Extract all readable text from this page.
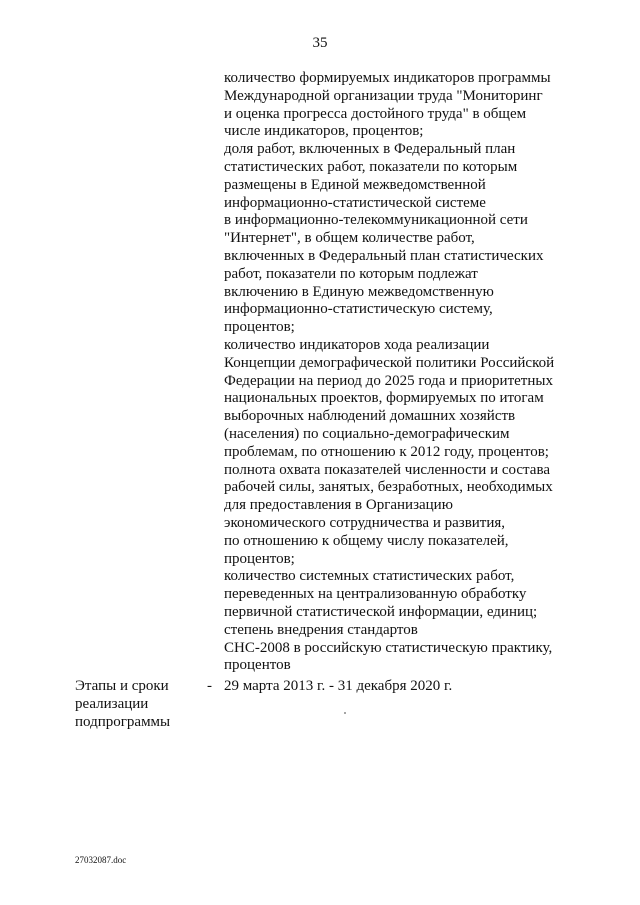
35
количество формируемых индикаторов программы
Международной организации труда "Мониторинг
и оценка прогресса достойного труда" в общем
числе индикаторов, процентов;
доля работ, включенных в Федеральный план
статистических работ, показатели по которым
размещены в Единой межведомственной
информационно-статистической системе
в информационно-телекоммуникационной сети
"Интернет", в общем количестве работ,
включенных в Федеральный план статистических
работ, показатели по которым подлежат
включению в Единую межведомственную
информационно-статистическую систему,
процентов;
количество индикаторов хода реализации
Концепции демографической политики Российской
Федерации на период до 2025 года и приоритетных
национальных проектов, формируемых по итогам
выборочных наблюдений домашних хозяйств
(населения) по социально-демографическим
проблемам, по отношению к 2012 году, процентов;
полнота охвата показателей численности и состава
рабочей силы, занятых, безработных, необходимых
для предоставления в Организацию
экономического сотрудничества и развития,
по отношению к общему числу показателей,
процентов;
количество системных статистических работ,
переведенных на централизованную обработку
первичной статистической информации, единиц;
степень внедрения стандартов
СНС-2008 в российскую статистическую практику,
процентов
Этапы и сроки
реализации
подпрограммы
- 29 марта 2013 г. - 31 декабря 2020 г.
27032087.doc
